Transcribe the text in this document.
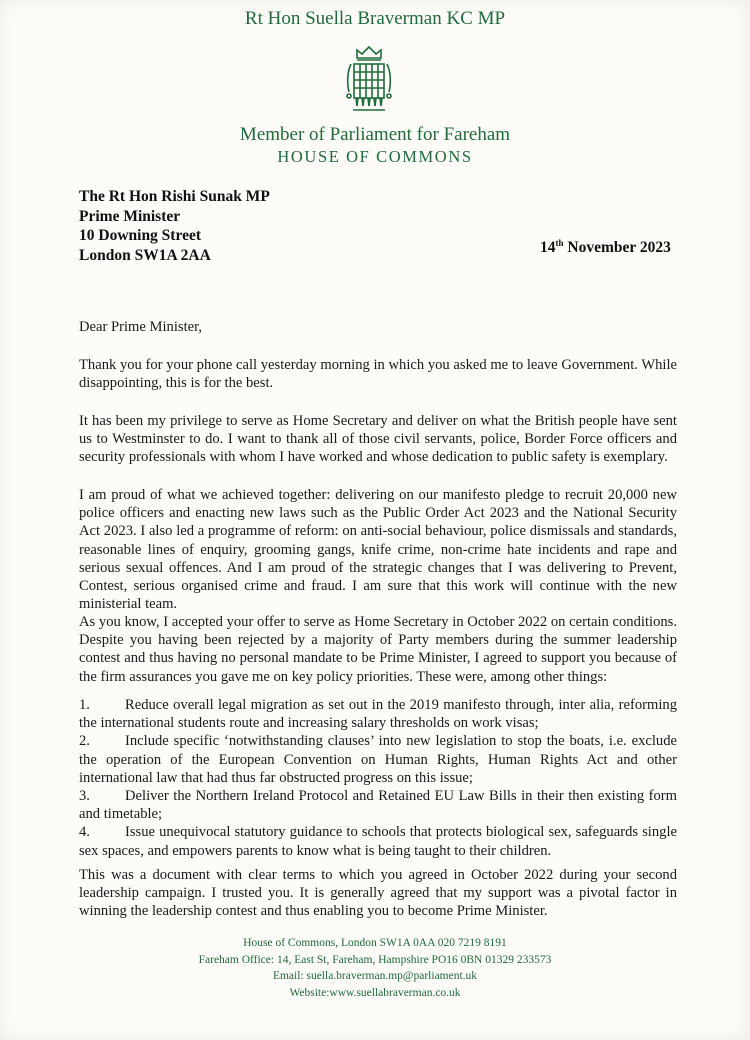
Rt Hon Suella Braverman KC MP
Member of Parliament for Fareham
HOUSE OF COMMONS
The Rt Hon Rishi Sunak MP
Prime Minister
10 Downing Street
London SW1A 2AA	14th November 2023
Dear Prime Minister,
Thank you for your phone call yesterday morning in which you asked me to leave Government. While disappointing, this is for the best.
It has been my privilege to serve as Home Secretary and deliver on what the British people have sent us to Westminster to do. I want to thank all of those civil servants, police, Border Force officers and security professionals with whom I have worked and whose dedication to public safety is exemplary.
I am proud of what we achieved together: delivering on our manifesto pledge to recruit 20,000 new police officers and enacting new laws such as the Public Order Act 2023 and the National Security Act 2023. I also led a programme of reform: on anti-social behaviour, police dismissals and standards, reasonable lines of enquiry, grooming gangs, knife crime, non-crime hate incidents and rape and serious sexual offences. And I am proud of the strategic changes that I was delivering to Prevent, Contest, serious organised crime and fraud. I am sure that this work will continue with the new ministerial team.
As you know, I accepted your offer to serve as Home Secretary in October 2022 on certain conditions. Despite you having been rejected by a majority of Party members during the summer leadership contest and thus having no personal mandate to be Prime Minister, I agreed to support you because of the firm assurances you gave me on key policy priorities. These were, among other things:
1. Reduce overall legal migration as set out in the 2019 manifesto through, inter alia, reforming the international students route and increasing salary thresholds on work visas;
2. Include specific ‘notwithstanding clauses’ into new legislation to stop the boats, i.e. exclude the operation of the European Convention on Human Rights, Human Rights Act and other international law that had thus far obstructed progress on this issue;
3. Deliver the Northern Ireland Protocol and Retained EU Law Bills in their then existing form and timetable;
4. Issue unequivocal statutory guidance to schools that protects biological sex, safeguards single sex spaces, and empowers parents to know what is being taught to their children.
This was a document with clear terms to which you agreed in October 2022 during your second leadership campaign. I trusted you. It is generally agreed that my support was a pivotal factor in winning the leadership contest and thus enabling you to become Prime Minister.
House of Commons, London SW1A 0AA 020 7219 8191
Fareham Office: 14, East St, Fareham, Hampshire PO16 0BN 01329 233573
Email: suella.braverman.mp@parliament.uk
Website:www.suellabraverman.co.uk
